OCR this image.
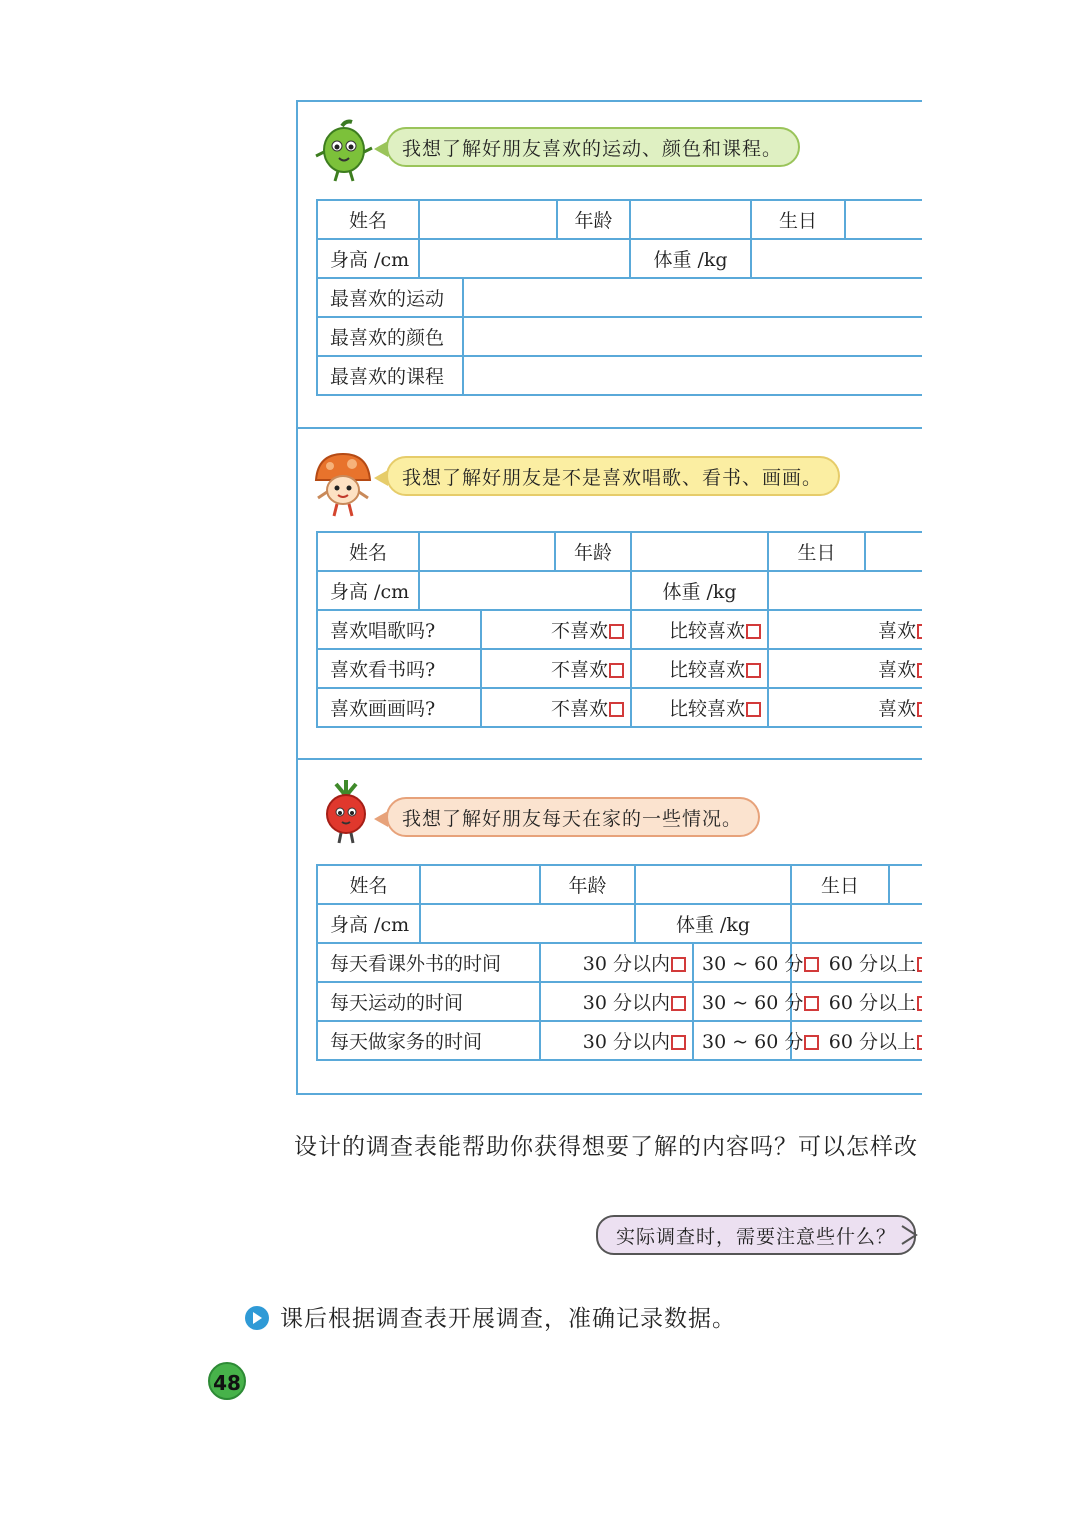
我想了解好朋友喜欢的运动、颜色和课程。
姓名			年龄		生日	
身高 /cm				体重 /kg		
最喜欢的运动						
最喜欢的颜色						
最喜欢的课程						
我想了解好朋友是不是喜欢唱歌、看书、画画。
姓名			年龄		生日	
身高 /cm				体重 /kg		
喜欢唱歌吗?		不喜欢		比较喜欢	喜欢	
喜欢看书吗?		不喜欢		比较喜欢	喜欢	
喜欢画画吗?		不喜欢		比较喜欢	喜欢	
我想了解好朋友每天在家的一些情况。
姓名		年龄			生日	
身高 /cm			体重 /kg			
每天看课外书的时间		30 分以内		30 ~ 60 分	60 分以上	
每天运动的时间		30 分以内		30 ~ 60 分	60 分以上	
每天做家务的时间		30 分以内		30 ~ 60 分	60 分以上	
设计的调查表能帮助你获得想要了解的内容吗？可以怎样改
实际调查时，需要注意些什么？
课后根据调查表开展调查，准确记录数据。
48
